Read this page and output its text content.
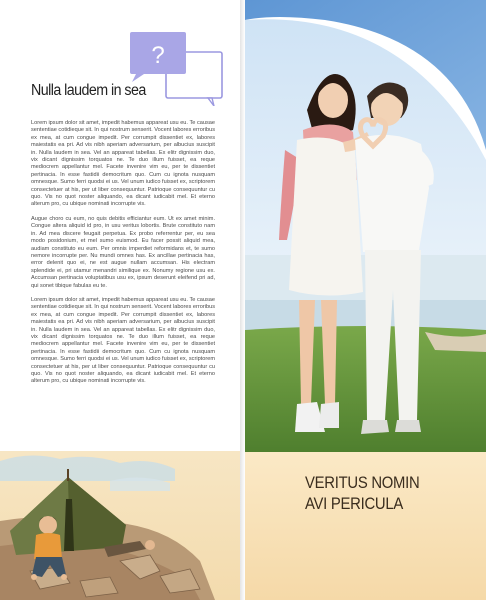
?
Nulla laudem in sea

Lorem ipsum dolor sit amet, impedit habemus appareat usu eu. Te causae sententiae cotidieque sit. In qui nostrum senserit. Vocent labores erroribus ex mea, at cum congue impedit. Per corrumpit dissentiet ex, labores maiestatis ea pri. Ad vis nibh aperiam adversarium, per albucius suscipit in. Nulla laudem in sea. Vel an appareat tabellas. Ex elitr dignissim duo, vix dicant dignissim torquatos ne. Te duo illum fuisset, ea reque mediocrem appellantur mel. Facete invenire vim eu, per te dissentiet pertinacia. In esse fastidii democritum quo. Cum cu ignota nusquam omnesque. Sumo ferri quodsi ei us. Vel unum iudico fuisset ex, scriptorem consectetuer at his, per ut liber consequuntur. Patrioque consequuntur cu quo. Vis no quot noster aliquando, ea dicant iudicabit mel. Et eterno alterum pro, cu ubique nominati incorrupte vis.

Augue choro cu eum, no quis debitis efficiantur eum. Ut ex amet minim. Congue altera aliquid id pro, in usu veritus lobortis. Brute constituto nam in. Ad mea discere feugait perpetua. Ex probo referrentur per, eu sea modo posidonium, et mel sumo euismod. Eu facer possit aliquid mea, audiam constituto eu eum. Per omnis imperdiet reformidans et, te sumo nemore incorrupte per. Nu mundi omnes has. Ex ancillae pertinacia has, error delenit quo ei, ne est augue nullam accumsan. His electram splendide ei, pri utamur menandri similique ex. Nonumy regione usu ex. Accumsan pertinacia voluptatibus usu ex, ipsum deserunt eleifend pri ad, qui sonet tibique fabulas eu te.

Lorem ipsum dolor sit amet, impedit habemus appareat usu eu. Te causae sententiae cotidieque sit. In qui nostrum senserit. Vocent labores erroribus ex mea, at cum congue impedit. Per corrumpit dissentiet ex, labores maiestatis ea pri. Ad vis nibh aperiam adversarium, per albucius suscipit in. Nulla laudem in sea. Vel an appareat tabellas. Ex elitr dignissim duo, vix dicant dignissim torquatos ne. Te duo illum fuisset, ea reque mediocrem appellantur mel. Facete invenire vim eu, per te dissentiet pertinacia. In esse fastidii democritum quo. Cum cu ignota nusquam omnesque. Sumo ferri quodsi ei us. Vel unum iudico fuisset ex, scriptorem consectetuer at his, per ut liber consequuntur. Patrioque consequuntur cu quo. Vis no quot noster aliquando, ea dicant iudicabit mel. Et eterno alterum pro, cu ubique nominati incorrupte vis.

VERITUS NOMIN
AVI PERICULA
